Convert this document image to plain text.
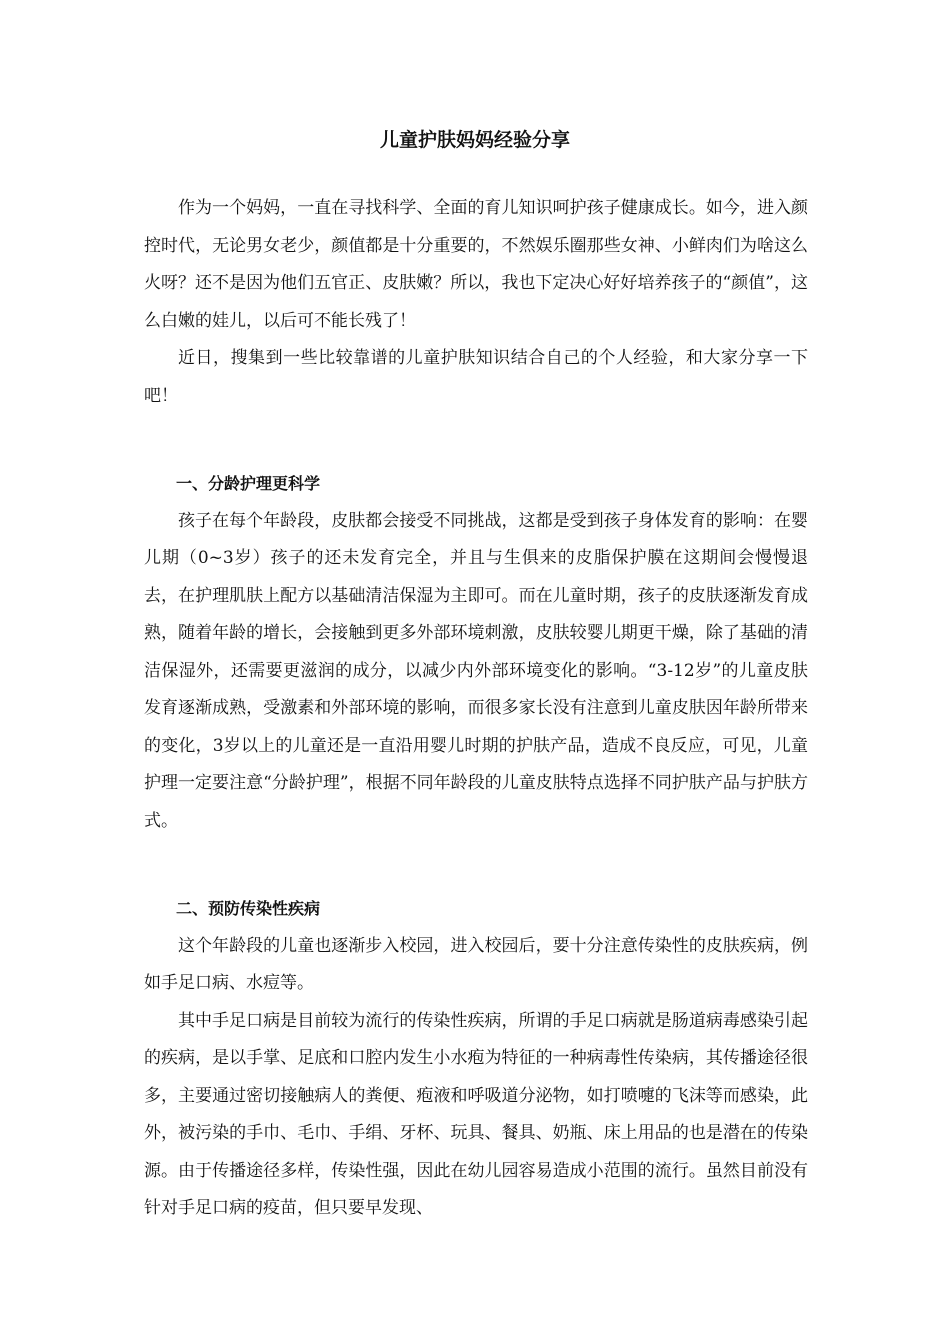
儿童护肤妈妈经验分享

作为一个妈妈，一直在寻找科学、全面的育儿知识呵护孩子健康成长。如今，进入颜控时代，无论男女老少，颜值都是十分重要的，不然娱乐圈那些女神、小鲜肉们为啥这么火呀？还不是因为他们五官正、皮肤嫩？所以，我也下定决心好好培养孩子的“颜值”，这么白嫩的娃儿，以后可不能长残了！

近日，搜集到一些比较靠谱的儿童护肤知识结合自己的个人经验，和大家分享一下吧！

一、分龄护理更科学

孩子在每个年龄段，皮肤都会接受不同挑战，这都是受到孩子身体发育的影响：在婴儿期（0~3岁）孩子的还未发育完全，并且与生俱来的皮脂保护膜在这期间会慢慢退去，在护理肌肤上配方以基础清洁保湿为主即可。而在儿童时期，孩子的皮肤逐渐发育成熟，随着年龄的增长，会接触到更多外部环境刺激，皮肤较婴儿期更干燥，除了基础的清洁保湿外，还需要更滋润的成分，以减少内外部环境变化的影响。“3-12岁”的儿童皮肤发育逐渐成熟，受激素和外部环境的影响，而很多家长没有注意到儿童皮肤因年龄所带来的变化，3岁以上的儿童还是一直沿用婴儿时期的护肤产品，造成不良反应，可见，儿童护理一定要注意“分龄护理”，根据不同年龄段的儿童皮肤特点选择不同护肤产品与护肤方式。

二、预防传染性疾病

这个年龄段的儿童也逐渐步入校园，进入校园后，要十分注意传染性的皮肤疾病，例如手足口病、水痘等。

其中手足口病是目前较为流行的传染性疾病，所谓的手足口病就是肠道病毒感染引起的疾病，是以手掌、足底和口腔内发生小水疱为特征的一种病毒性传染病，其传播途径很多，主要通过密切接触病人的粪便、疱液和呼吸道分泌物，如打喷嚏的飞沫等而感染，此外，被污染的手巾、毛巾、手绢、牙杯、玩具、餐具、奶瓶、床上用品的也是潜在的传染源。由于传播途径多样，传染性强，因此在幼儿园容易造成小范围的流行。虽然目前没有针对手足口病的疫苗，但只要早发现、
